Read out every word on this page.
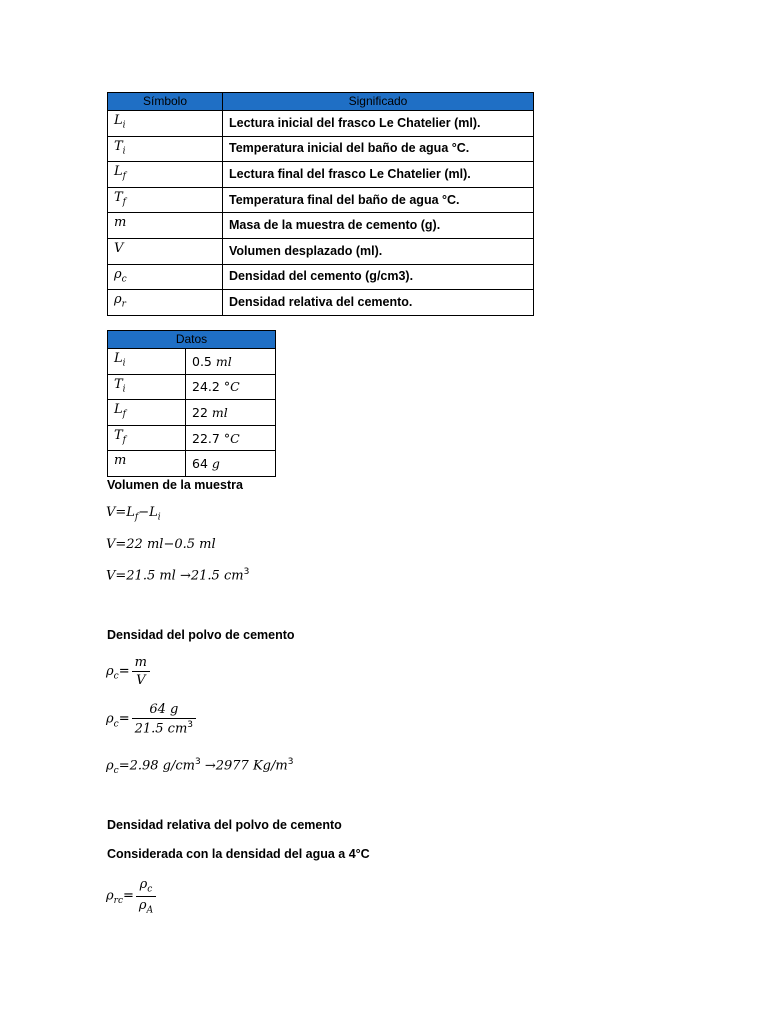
Símbolo	Significado
$L_i$	Lectura inicial del frasco Le Chatelier (ml).
$T_i$	Temperatura inicial del baño de agua °C.
$L_f$	Lectura final del frasco Le Chatelier (ml).
$T_f$	Temperatura final del baño de agua °C.
m	Masa de la muestra de cemento (g).
V	Volumen desplazado (ml).
$\rho_c$	Densidad del cemento (g/cm3).
$\rho_r$	Densidad relativa del cemento.
Datos	
$L_i$	0.5 ml
$T_i$	24.2 °C
$L_f$	22 ml
$T_f$	22.7 °C
m	64 g
Volumen de la muestra
$V=L_f-L_i$
V=22 ml−0.5 ml
V=21.5 ml →21.5 $cm^3$
Densidad del polvo de cemento
$\rho_c= \frac{m}{V}$
$\rho_c= \frac{64 g}{21.5 cm^3}$
$\rho_c=2.98$ $g/cm^3 \to 2977$ $Kg/m^3$
Densidad relativa del polvo de cemento
Considerada con la densidad del agua a 4°C
$\rho_{rc}= \frac{\rho_c}{\rho_A}$
